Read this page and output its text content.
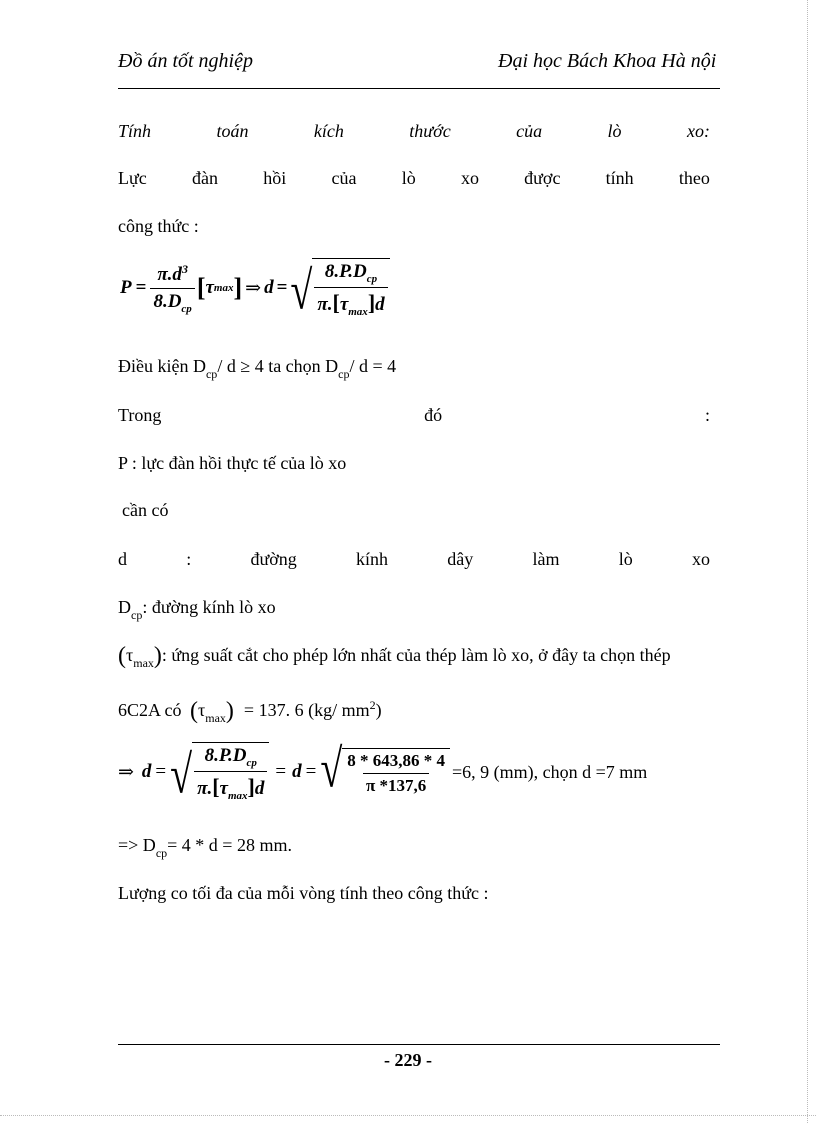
Đồ án tốt nghiệp	Đại học Bách Khoa Hà nội
Tính	toán	kích	thước	của	lò	xo:
Lực	đàn	hồi	của	lò	xo	được	tính	theo
công thức :
$P = \frac{\pi.d^3}{8.D_{cp}}$ [ τ max ] ⇒ d = √ $\frac{8.P.D_{cp}}{\pi.[\tau_{max}]d}$
Điều kiện $D_{cp}/$ d ≥ 4 ta chọn $D_{cp}/$ d = 4
Trong	đó	:
P : lực đàn hồi thực tế của lò xo
cần có
d	:	đường	kính	dây	làm	lò	xo
$D_{cp}$: đường kính lò xo
$(\tau_{max})$: ứng suất cắt cho phép lớn nhất của thép làm lò xo, ở đây ta chọn thép
6C2A có $(\tau_{max}) = 137$. 6 (kg/ $mm^2$)
⇒ d = √ $\frac{8.P.D_{cp}}{\pi.[\tau_{max}]d} = d$ = √ $\frac{8 * 643,86 * 4}{\pi *137,6} =6$, 9 (mm), chọn d =7 mm
=> $D_{cp}= 4 * d = 28$ mm.
Lượng co tối đa của mỗi vòng tính theo công thức :
- 229 -
